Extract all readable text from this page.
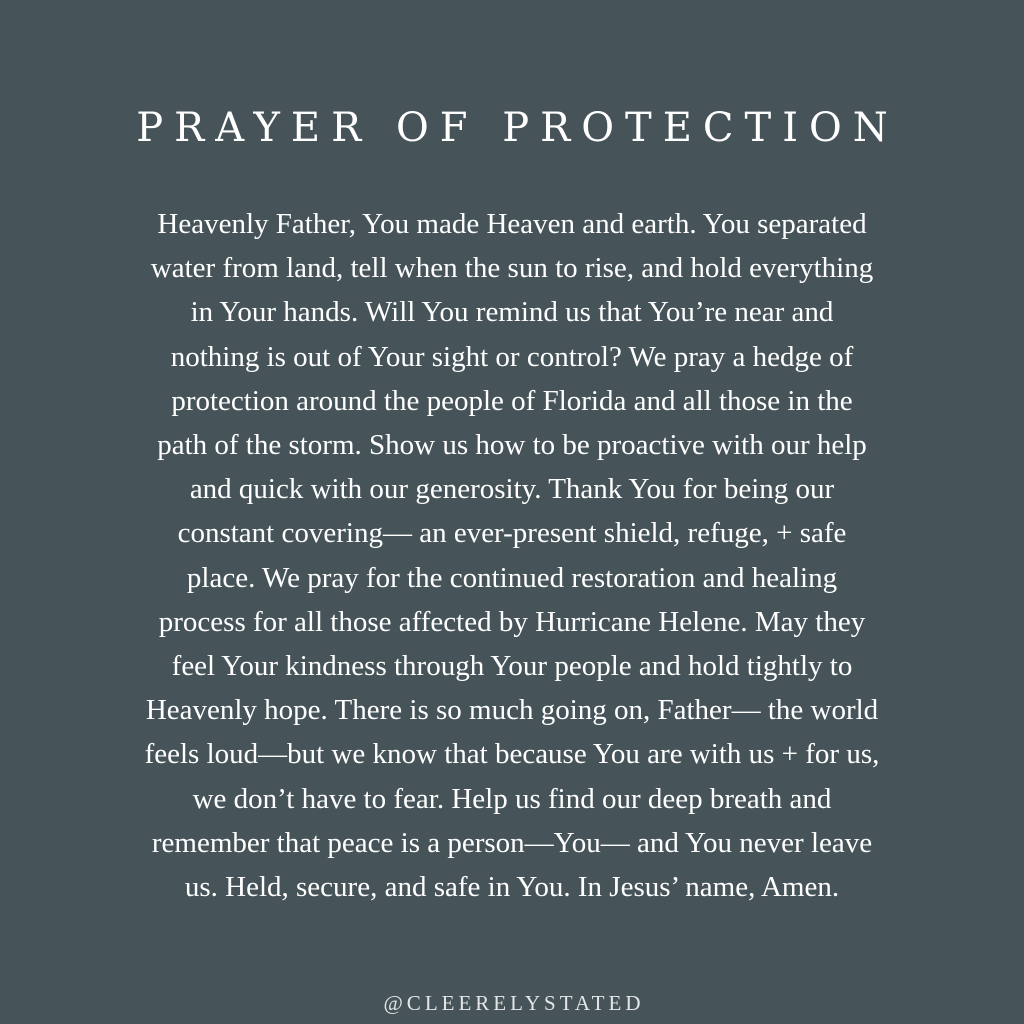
PRAYER OF PROTECTION

Heavenly Father, You made Heaven and earth. You separated
water from land, tell when the sun to rise, and hold everything
in Your hands. Will You remind us that You’re near and
nothing is out of Your sight or control? We pray a hedge of
protection around the people of Florida and all those in the
path of the storm. Show us how to be proactive with our help
and quick with our generosity. Thank You for being our
constant covering— an ever-present shield, refuge, + safe
place. We pray for the continued restoration and healing
process for all those affected by Hurricane Helene. May they
feel Your kindness through Your people and hold tightly to
Heavenly hope. There is so much going on, Father— the world
feels loud—but we know that because You are with us + for us,
we don’t have to fear. Help us find our deep breath and
remember that peace is a person—You— and You never leave
us. Held, secure, and safe in You. In Jesus’ name, Amen.

@CLEERELYSTATED
